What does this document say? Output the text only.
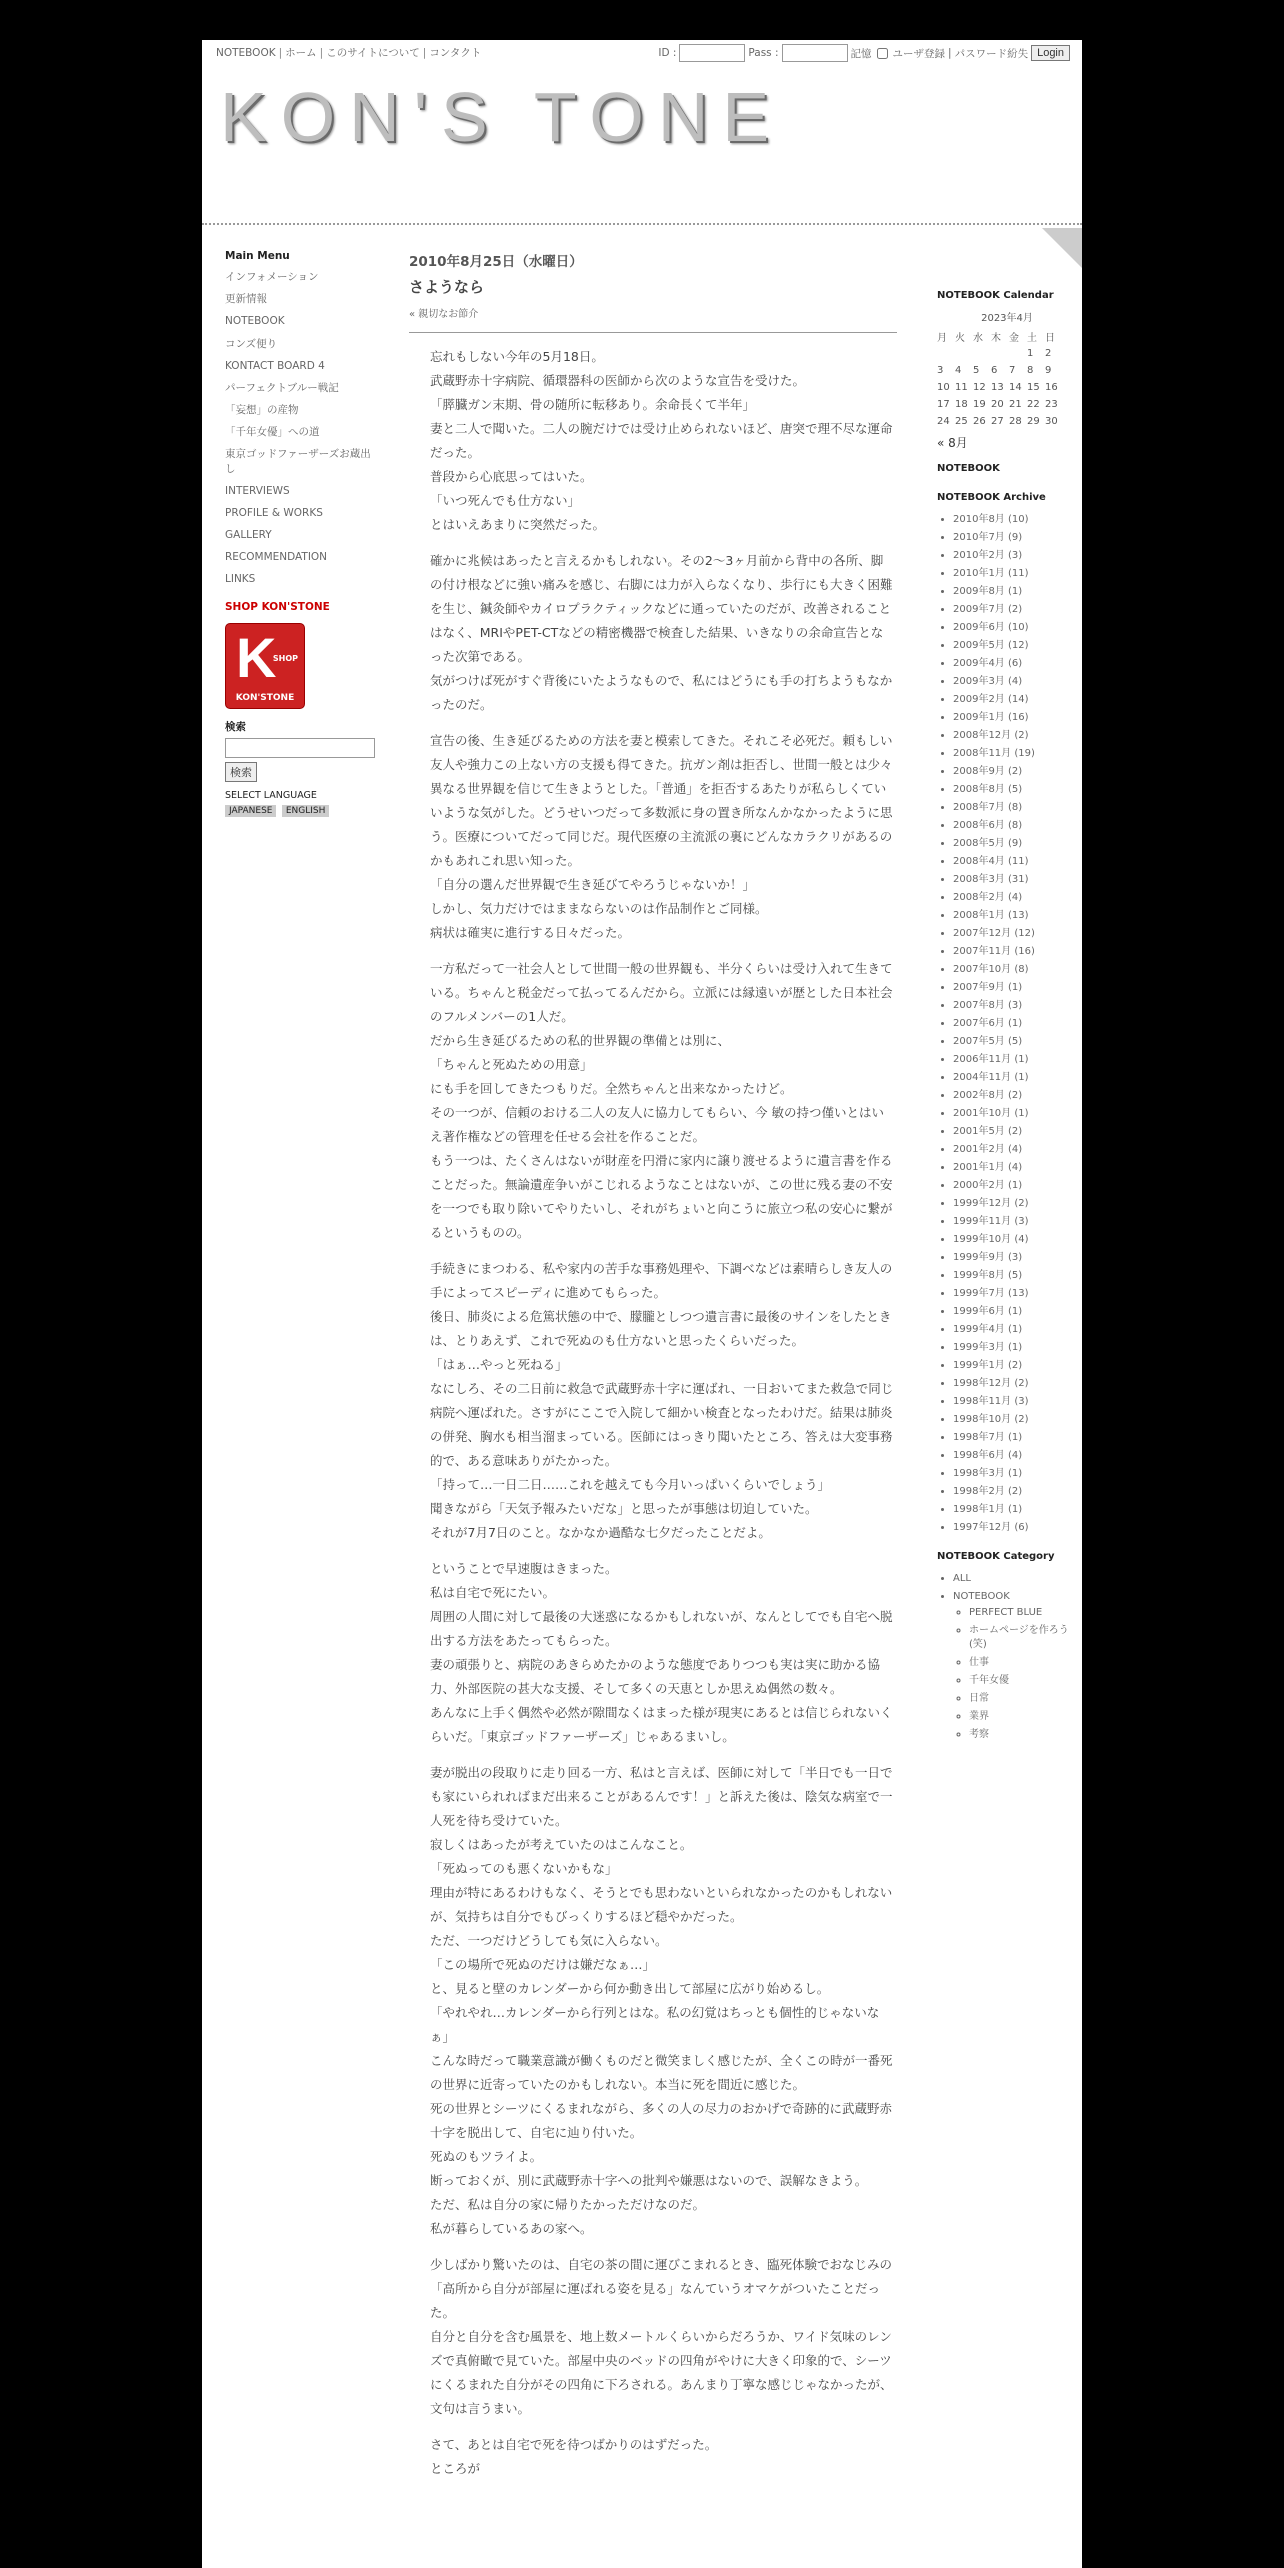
NOTEBOOK | ホーム | このサイトについて | コンタクト	ID :	Pass :	記憶 ユーザ登録 | パスワード紛失 Login
KON'S TONE
Main Menu
インフォメーション
更新情報
NOTEBOOK
コンズ便り
KONTACT BOARD 4
パーフェクトブルー戦記
「妄想」の産物
「千年女優」への道
東京ゴッドファーザーズお蔵出し
INTERVIEWS
PROFILE & WORKS
GALLERY
RECOMMENDATION
LINKS
SHOP KON'STONE
K
SHOP
KON'STONE
検索
検索
SELECT LANGUAGE
JAPANESE ENGLISH
2010年8月25日（水曜日）
さようなら
« 親切なお節介

忘れもしない今年の5月18日。
武蔵野赤十字病院、循環器科の医師から次のような宣告を受けた。
「膵臓ガン末期、骨の随所に転移あり。余命長くて半年」
妻と二人で聞いた。二人の腕だけでは受け止められないほど、唐突で理不尽な運命だった。
普段から心底思ってはいた。
「いつ死んでも仕方ない」
とはいえあまりに突然だった。

確かに兆候はあったと言えるかもしれない。その2〜3ヶ月前から背中の各所、脚の付け根などに強い痛みを感じ、右脚には力が入らなくなり、歩行にも大きく困難を生じ、鍼灸師やカイロプラクティックなどに通っていたのだが、改善されることはなく、MRIやPET-CTなどの精密機器で検査した結果、いきなりの余命宣告となった次第である。
気がつけば死がすぐ背後にいたようなもので、私にはどうにも手の打ちようもなかったのだ。

宣告の後、生き延びるための方法を妻と模索してきた。それこそ必死だ。頼もしい友人や強力この上ない方の支援も得てきた。抗ガン剤は拒否し、世間一般とは少々異なる世界観を信じて生きようとした。「普通」を拒否するあたりが私らしくていいような気がした。どうせいつだって多数派に身の置き所なんかなかったように思う。医療についてだって同じだ。現代医療の主流派の裏にどんなカラクリがあるのかもあれこれ思い知った。
「自分の選んだ世界観で生き延びてやろうじゃないか！」
しかし、気力だけではままならないのは作品制作とご同様。
病状は確実に進行する日々だった。

一方私だって一社会人として世間一般の世界観も、半分くらいは受け入れて生きている。ちゃんと税金だって払ってるんだから。立派には縁遠いが歴とした日本社会のフルメンバーの1人だ。
だから生き延びるための私的世界観の準備とは別に、
「ちゃんと死ぬための用意」
にも手を回してきたつもりだ。全然ちゃんと出来なかったけど。
その一つが、信頼のおける二人の友人に協力してもらい、今 敏の持つ僅いとはいえ著作権などの管理を任せる会社を作ることだ。
もう一つは、たくさんはないが財産を円滑に家内に譲り渡せるように遺言書を作ることだった。無論遺産争いがこじれるようなことはないが、この世に残る妻の不安を一つでも取り除いてやりたいし、それがちょいと向こうに旅立つ私の安心に繋がるというものの。

手続きにまつわる、私や家内の苦手な事務処理や、下調べなどは素晴らしき友人の手によってスピーディに進めてもらった。
後日、肺炎による危篤状態の中で、朦朧としつつ遺言書に最後のサインをしたときは、とりあえず、これで死ぬのも仕方ないと思ったくらいだった。
「はぁ…やっと死ねる」
なにしろ、その二日前に救急で武蔵野赤十字に運ばれ、一日おいてまた救急で同じ病院へ運ばれた。さすがにここで入院して細かい検査となったわけだ。結果は肺炎の併発、胸水も相当溜まっている。医師にはっきり聞いたところ、答えは大変事務的で、ある意味ありがたかった。
「持って…一日二日……これを越えても今月いっぱいくらいでしょう」
聞きながら「天気予報みたいだな」と思ったが事態は切迫していた。
それが7月7日のこと。なかなか過酷な七夕だったことだよ。

ということで早速腹はきまった。
私は自宅で死にたい。
周囲の人間に対して最後の大迷惑になるかもしれないが、なんとしてでも自宅へ脱出する方法をあたってもらった。
妻の頑張りと、病院のあきらめたかのような態度でありつつも実は実に助かる協力、外部医院の甚大な支援、そして多くの天恵としか思えぬ偶然の数々。
あんなに上手く偶然や必然が隙間なくはまった様が現実にあるとは信じられないくらいだ。「東京ゴッドファーザーズ」じゃあるまいし。

妻が脱出の段取りに走り回る一方、私はと言えば、医師に対して「半日でも一日でも家にいられればまだ出来ることがあるんです！」と訴えた後は、陰気な病室で一人死を待ち受けていた。
寂しくはあったが考えていたのはこんなこと。
「死ぬってのも悪くないかもな」
理由が特にあるわけもなく、そうとでも思わないといられなかったのかもしれないが、気持ちは自分でもびっくりするほど穏やかだった。
ただ、一つだけどうしても気に入らない。
「この場所で死ぬのだけは嫌だなぁ…」
と、見ると壁のカレンダーから何か動き出して部屋に広がり始めるし。
「やれやれ…カレンダーから行列とはな。私の幻覚はちっとも個性的じゃないなぁ」
こんな時だって職業意識が働くものだと微笑ましく感じたが、全くこの時が一番死の世界に近寄っていたのかもしれない。本当に死を間近に感じた。
死の世界とシーツにくるまれながら、多くの人の尽力のおかげで奇跡的に武蔵野赤十字を脱出して、自宅に辿り付いた。
死ぬのもツライよ。
断っておくが、別に武蔵野赤十字への批判や嫌悪はないので、誤解なきよう。
ただ、私は自分の家に帰りたかっただけなのだ。
私が暮らしているあの家へ。

少しばかり驚いたのは、自宅の茶の間に運びこまれるとき、臨死体験でおなじみの「高所から自分が部屋に運ばれる姿を見る」なんていうオマケがついたことだった。
自分と自分を含む風景を、地上数メートルくらいからだろうか、ワイド気味のレンズで真俯瞰で見ていた。部屋中央のベッドの四角がやけに大きく印象的で、シーツにくるまれた自分がその四角に下ろされる。あんまり丁寧な感じじゃなかったが、文句は言うまい。

さて、あとは自宅で死を待つばかりのはずだった。
ところが

NOTEBOOK Calendar
2023年4月
月	火	水	木	金	土	日
					1	2
3	4	5	6	7	8	9
10	11	12	13	14	15	16
17	18	19	20	21	22	23
24	25	26	27	28	29	30
« 8月
NOTEBOOK
NOTEBOOK Archive
• 2010年8月 (10)
• 2010年7月 (9)
• 2010年2月 (3)
• 2010年1月 (11)
• 2009年8月 (1)
• 2009年7月 (2)
• 2009年6月 (10)
• 2009年5月 (12)
• 2009年4月 (6)
• 2009年3月 (4)
• 2009年2月 (14)
• 2009年1月 (16)
• 2008年12月 (2)
• 2008年11月 (19)
• 2008年9月 (2)
• 2008年8月 (5)
• 2008年7月 (8)
• 2008年6月 (8)
• 2008年5月 (9)
• 2008年4月 (11)
• 2008年3月 (31)
• 2008年2月 (4)
• 2008年1月 (13)
• 2007年12月 (12)
• 2007年11月 (16)
• 2007年10月 (8)
• 2007年9月 (1)
• 2007年8月 (3)
• 2007年6月 (1)
• 2007年5月 (5)
• 2006年11月 (1)
• 2004年11月 (1)
• 2002年8月 (2)
• 2001年10月 (1)
• 2001年5月 (2)
• 2001年2月 (4)
• 2001年1月 (4)
• 2000年2月 (1)
• 1999年12月 (2)
• 1999年11月 (3)
• 1999年10月 (4)
• 1999年9月 (3)
• 1999年8月 (5)
• 1999年7月 (13)
• 1999年6月 (1)
• 1999年4月 (1)
• 1999年3月 (1)
• 1999年1月 (2)
• 1998年12月 (2)
• 1998年11月 (3)
• 1998年10月 (2)
• 1998年7月 (1)
• 1998年6月 (4)
• 1998年3月 (1)
• 1998年2月 (2)
• 1998年1月 (1)
• 1997年12月 (6)
NOTEBOOK Category
• ALL
• NOTEBOOK
◦ PERFECT BLUE
◦ ホームページを作ろう(笑)
◦ 仕事
◦ 千年女優
◦ 日常
◦ 業界
◦ 考察
